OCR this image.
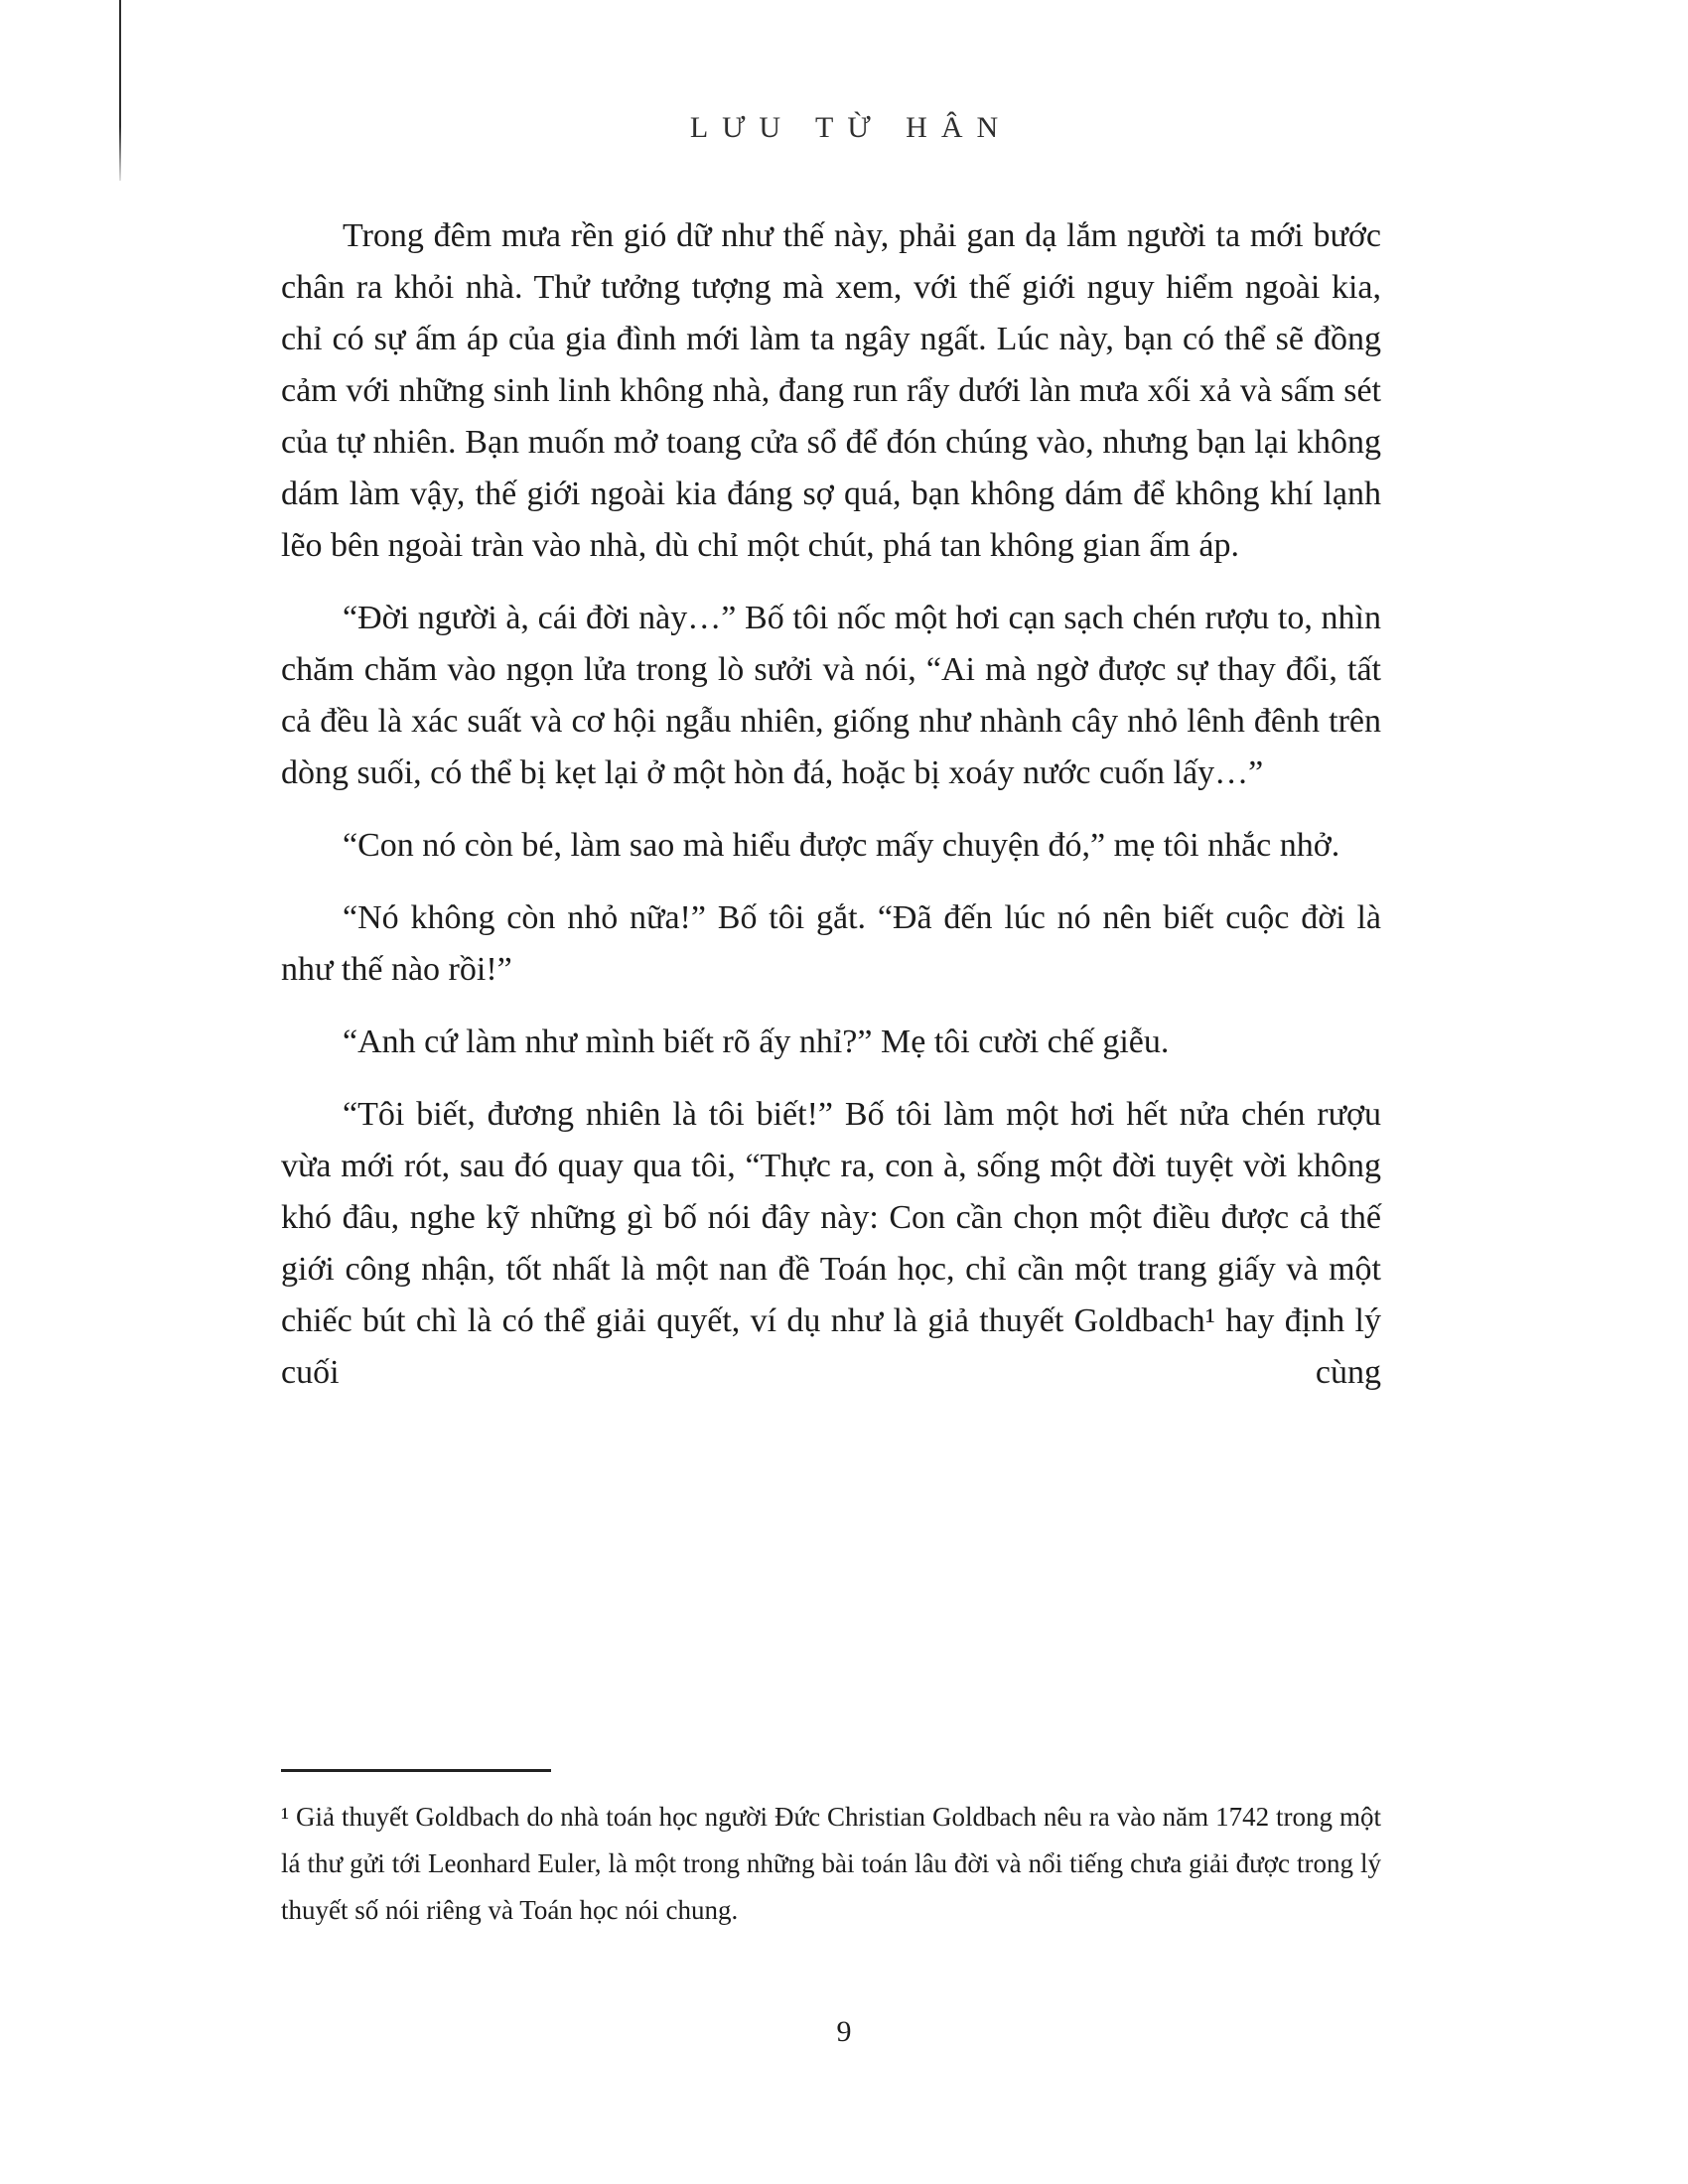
LƯU TỪ HÂN

Trong đêm mưa rền gió dữ như thế này, phải gan dạ lắm người ta mới bước chân ra khỏi nhà. Thử tưởng tượng mà xem, với thế giới nguy hiểm ngoài kia, chỉ có sự ấm áp của gia đình mới làm ta ngây ngất. Lúc này, bạn có thể sẽ đồng cảm với những sinh linh không nhà, đang run rẩy dưới làn mưa xối xả và sấm sét của tự nhiên. Bạn muốn mở toang cửa sổ để đón chúng vào, nhưng bạn lại không dám làm vậy, thế giới ngoài kia đáng sợ quá, bạn không dám để không khí lạnh lẽo bên ngoài tràn vào nhà, dù chỉ một chút, phá tan không gian ấm áp.

“Đời người à, cái đời này…” Bố tôi nốc một hơi cạn sạch chén rượu to, nhìn chăm chăm vào ngọn lửa trong lò sưởi và nói, “Ai mà ngờ được sự thay đổi, tất cả đều là xác suất và cơ hội ngẫu nhiên, giống như nhành cây nhỏ lênh đênh trên dòng suối, có thể bị kẹt lại ở một hòn đá, hoặc bị xoáy nước cuốn lấy…”

“Con nó còn bé, làm sao mà hiểu được mấy chuyện đó,” mẹ tôi nhắc nhở.

“Nó không còn nhỏ nữa!” Bố tôi gắt. “Đã đến lúc nó nên biết cuộc đời là như thế nào rồi!”

“Anh cứ làm như mình biết rõ ấy nhỉ?” Mẹ tôi cười chế giễu.

“Tôi biết, đương nhiên là tôi biết!” Bố tôi làm một hơi hết nửa chén rượu vừa mới rót, sau đó quay qua tôi, “Thực ra, con à, sống một đời tuyệt vời không khó đâu, nghe kỹ những gì bố nói đây này: Con cần chọn một điều được cả thế giới công nhận, tốt nhất là một nan đề Toán học, chỉ cần một trang giấy và một chiếc bút chì là có thể giải quyết, ví dụ như là giả thuyết Goldbach¹ hay định lý cuối cùng

¹ Giả thuyết Goldbach do nhà toán học người Đức Christian Goldbach nêu ra vào năm 1742 trong một lá thư gửi tới Leonhard Euler, là một trong những bài toán lâu đời và nổi tiếng chưa giải được trong lý thuyết số nói riêng và Toán học nói chung.

9
